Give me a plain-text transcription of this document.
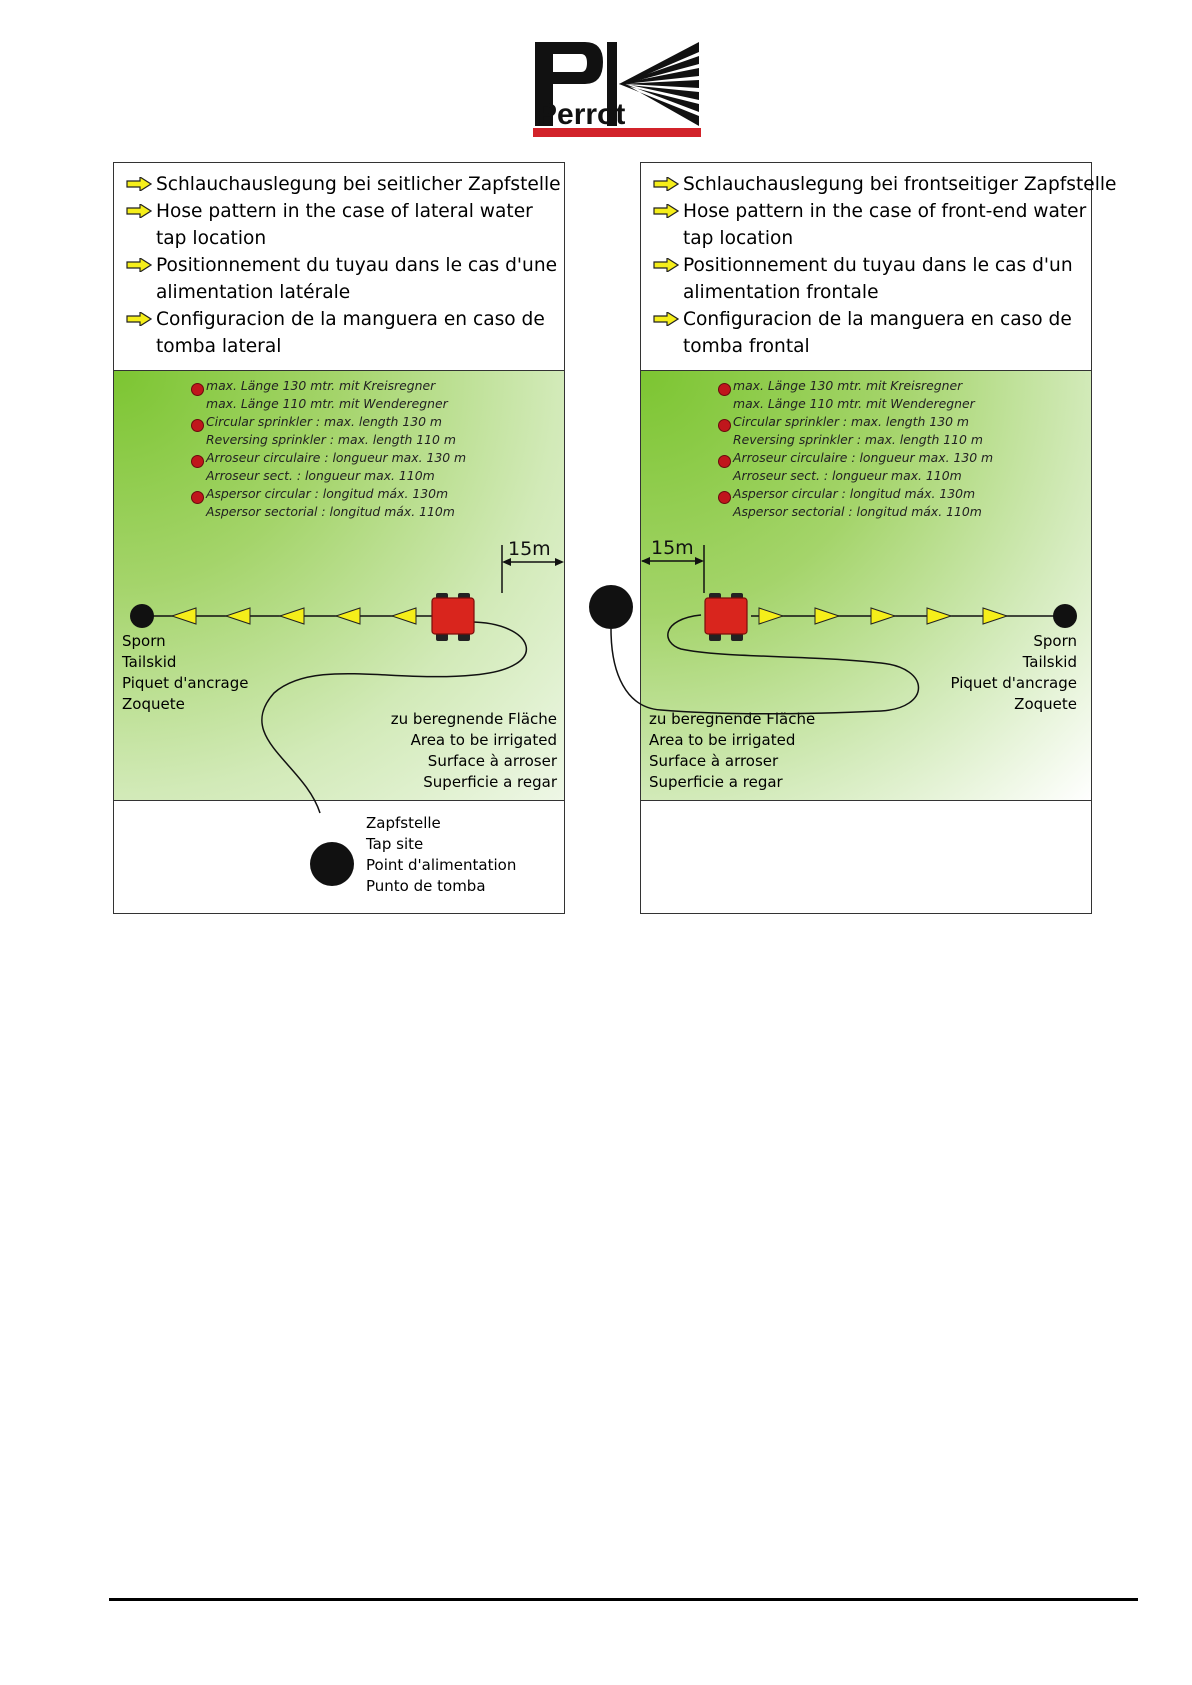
Perrot
Schlauchauslegung bei seitlicher Zapfstelle
Hose pattern in the case of lateral water
tap location
Positionnement du tuyau dans le cas d'une
alimentation latérale
Configuracion de la manguera en caso de
tomba lateral
max. Länge 130 mtr. mit Kreisregner
max. Länge 110 mtr. mit Wenderegner
Circular sprinkler : max. length 130 m
Reversing sprinkler : max. length 110 m
Arroseur circulaire : longueur max. 130 m
Arroseur sect. : longueur max. 110m
Aspersor circular : longitud máx. 130m
Aspersor sectorial : longitud máx. 110m
Sporn
Tailskid
Piquet d'ancrage
Zoquete
zu beregnende Fläche
Area to be irrigated
Surface à arroser
Superficie a regar
Zapfstelle
Tap site
Point d'alimentation
Punto de tomba
15m
Schlauchauslegung bei frontseitiger Zapfstelle
Hose pattern in the case of front-end water
tap location
Positionnement du tuyau dans le cas d'un
alimentation frontale
Configuracion de la manguera en caso de
tomba frontal
max. Länge 130 mtr. mit Kreisregner
max. Länge 110 mtr. mit Wenderegner
Circular sprinkler : max. length 130 m
Reversing sprinkler : max. length 110 m
Arroseur circulaire : longueur max. 130 m
Arroseur sect. : longueur max. 110m
Aspersor circular : longitud máx. 130m
Aspersor sectorial : longitud máx. 110m
Sporn
Tailskid
Piquet d'ancrage
Zoquete
zu beregnende Fläche
Area to be irrigated
Surface à arroser
Superficie a regar
15m
